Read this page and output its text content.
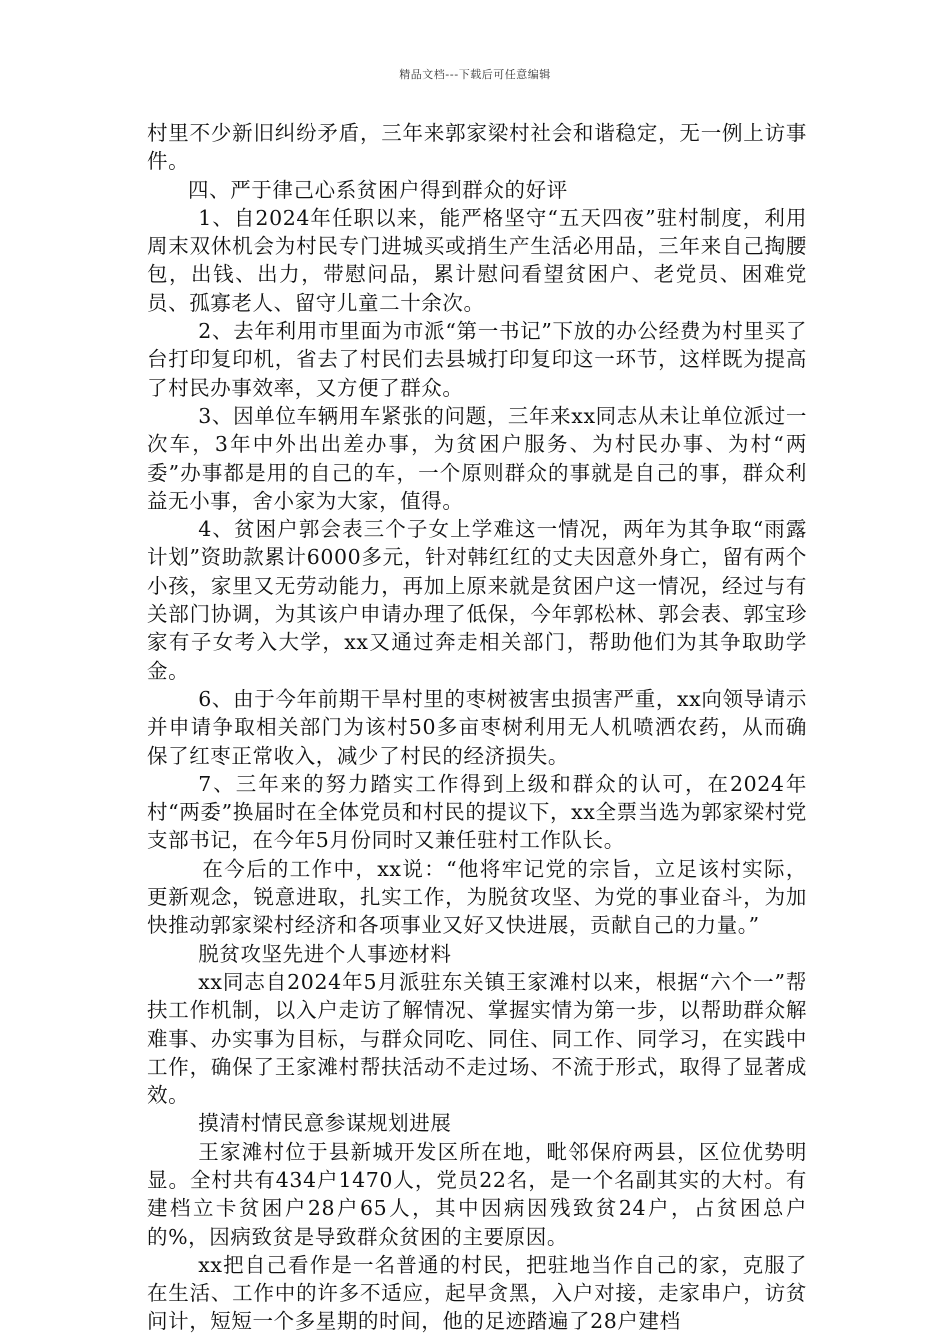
精品文档---下载后可任意编辑

村里不少新旧纠纷矛盾，三年来郭家梁村社会和谐稳定，无一例上访事件。

四、严于律己心系贫困户得到群众的好评

1、自2024年任职以来，能严格坚守“五天四夜”驻村制度，利用周末双休机会为村民专门进城买或捎生产生活必用品，三年来自己掏腰包，出钱、出力，带慰问品，累计慰问看望贫困户、老党员、困难党员、孤寡老人、留守儿童二十余次。

2、去年利用市里面为市派“第一书记”下放的办公经费为村里买了台打印复印机，省去了村民们去县城打印复印这一环节，这样既为提高了村民办事效率，又方便了群众。

3、因单位车辆用车紧张的问题，三年来xx同志从未让单位派过一次车，3年中外出出差办事，为贫困户服务、为村民办事、为村“两委”办事都是用的自己的车，一个原则群众的事就是自己的事，群众利益无小事，舍小家为大家，值得。

4、贫困户郭会表三个子女上学难这一情况，两年为其争取“雨露计划”资助款累计6000多元，针对韩红红的丈夫因意外身亡，留有两个小孩，家里又无劳动能力，再加上原来就是贫困户这一情况，经过与有关部门协调，为其该户申请办理了低保，今年郭松林、郭会表、郭宝珍家有子女考入大学，xx又通过奔走相关部门，帮助他们为其争取助学金。

6、由于今年前期干旱村里的枣树被害虫损害严重，xx向领导请示并申请争取相关部门为该村50多亩枣树利用无人机喷洒农药，从而确保了红枣正常收入，减少了村民的经济损失。

7、三年来的努力踏实工作得到上级和群众的认可，在2024年村“两委”换届时在全体党员和村民的提议下，xx全票当选为郭家梁村党支部书记，在今年5月份同时又兼任驻村工作队长。

在今后的工作中，xx说：“他将牢记党的宗旨，立足该村实际，更新观念，锐意进取，扎实工作，为脱贫攻坚、为党的事业奋斗，为加快推动郭家梁村经济和各项事业又好又快进展，贡献自己的力量。”

脱贫攻坚先进个人事迹材料

xx同志自2024年5月派驻东关镇王家滩村以来，根据“六个一”帮扶工作机制，以入户走访了解情况、掌握实情为第一步，以帮助群众解难事、办实事为目标，与群众同吃、同住、同工作、同学习，在实践中工作，确保了王家滩村帮扶活动不走过场、不流于形式，取得了显著成效。

摸清村情民意参谋规划进展

王家滩村位于县新城开发区所在地，毗邻保府两县，区位优势明显。全村共有434户1470人，党员22名，是一个名副其实的大村。有建档立卡贫困户28户65人，其中因病因残致贫24户，占贫困总户的%，因病致贫是导致群众贫困的主要原因。

xx把自己看作是一名普通的村民，把驻地当作自己的家，克服了在生活、工作中的许多不适应，起早贪黑，入户对接，走家串户，访贫问计，短短一个多星期的时间，他的足迹踏遍了28户建档
